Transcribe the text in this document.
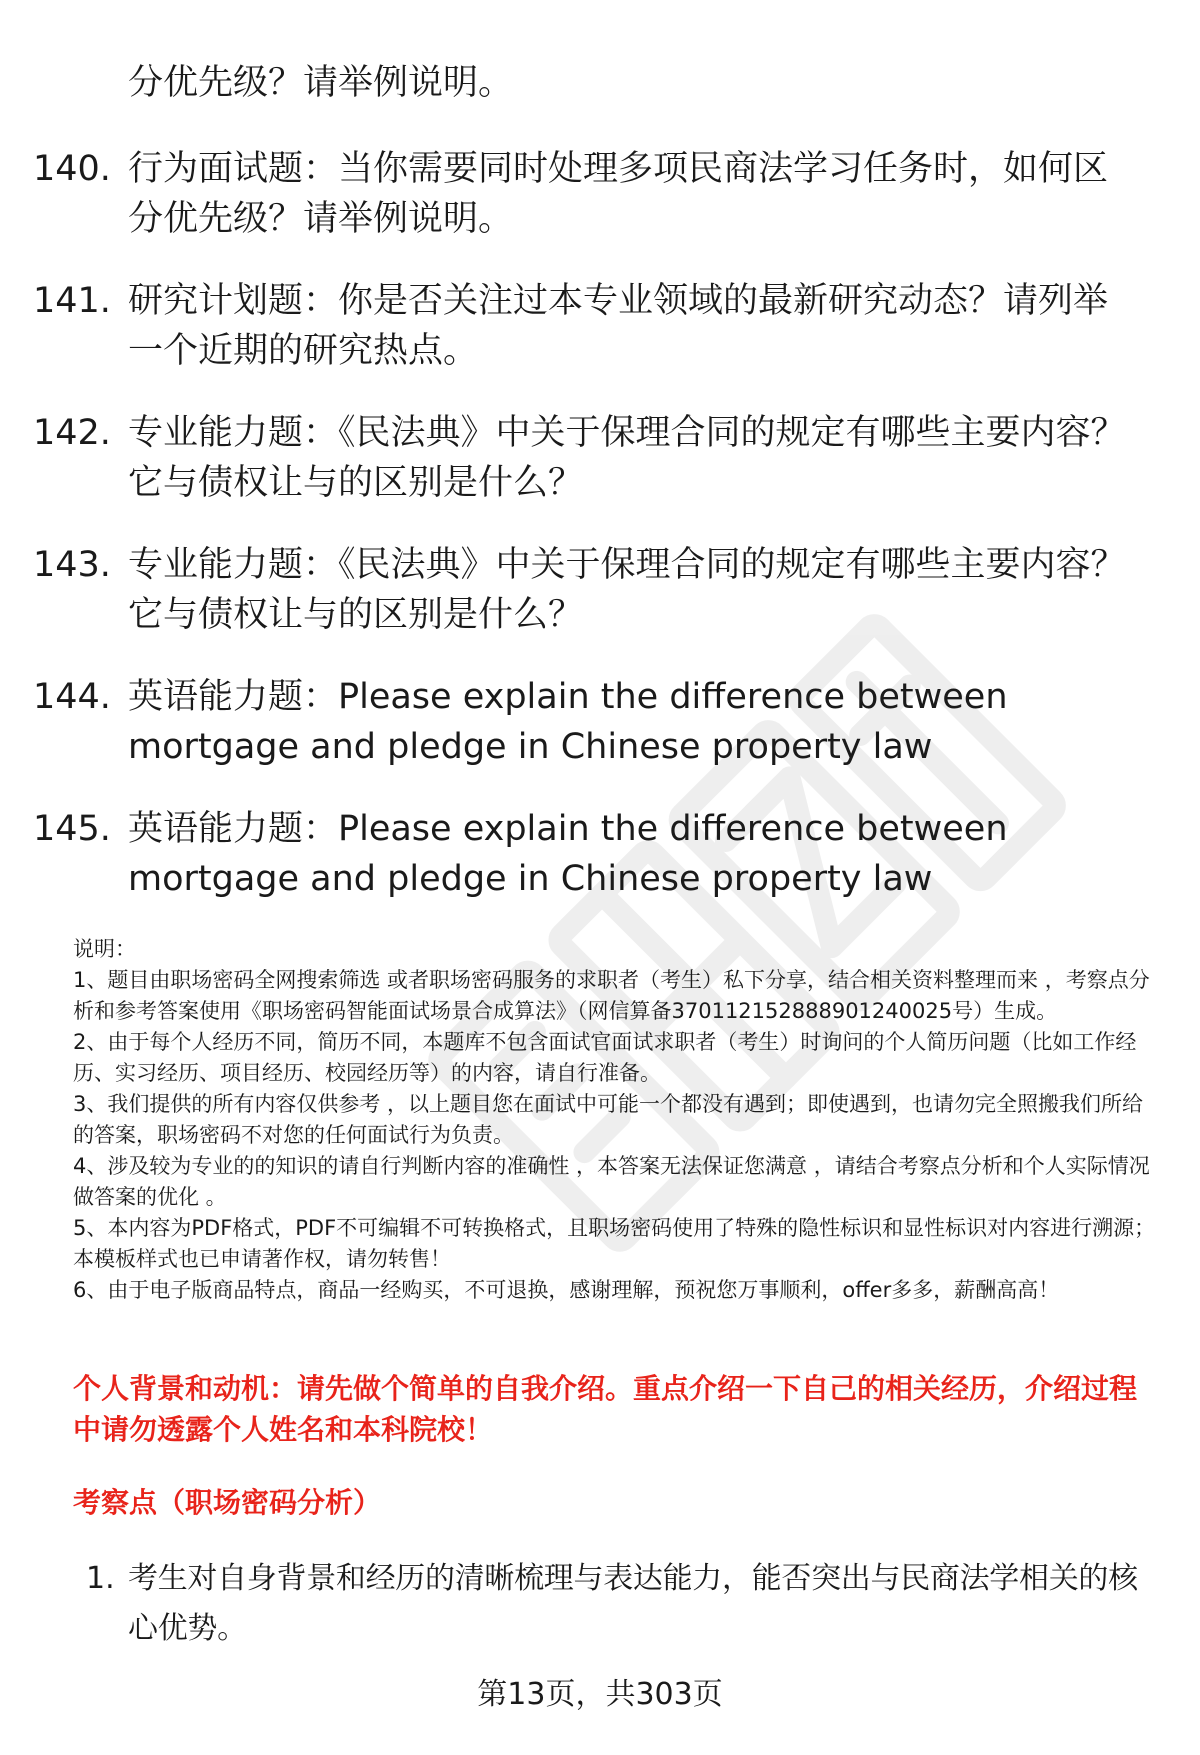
分优先级？请举例说明。
140. 行为面试题：当你需要同时处理多项民商法学习任务时，如何区分优先级？请举例说明。
141. 研究计划题：你是否关注过本专业领域的最新研究动态？请列举一个近期的研究热点。
142. 专业能力题：《民法典》中关于保理合同的规定有哪些主要内容？它与债权让与的区别是什么？
143. 专业能力题：《民法典》中关于保理合同的规定有哪些主要内容？它与债权让与的区别是什么？
144. 英语能力题：Please explain the difference between mortgage and pledge in Chinese property law
145. 英语能力题：Please explain the difference between mortgage and pledge in Chinese property law
说明：
1、题目由职场密码全网搜索筛选 或者职场密码服务的求职者（考生）私下分享，结合相关资料整理而来 ，考察点分析和参考答案使用《职场密码智能面试场景合成算法》（网信算备370112152888901240025号）生成。
2、由于每个人经历不同，简历不同，本题库不包含面试官面试求职者（考生）时询问的个人简历问题（比如工作经历、实习经历、项目经历、校园经历等）的内容，请自行准备。
3、我们提供的所有内容仅供参考 ，以上题目您在面试中可能一个都没有遇到；即使遇到，也请勿完全照搬我们所给的答案，职场密码不对您的任何面试行为负责。
4、涉及较为专业的的知识的请自行判断内容的准确性 ，本答案无法保证您满意 ，请结合考察点分析和个人实际情况做答案的优化 。
5、本内容为PDF格式，PDF不可编辑不可转换格式，且职场密码使用了特殊的隐性标识和显性标识对内容进行溯源；本模板样式也已申请著作权，请勿转售！
6、由于电子版商品特点，商品一经购买，不可退换，感谢理解，预祝您万事顺利，offer多多，薪酬高高！
个人背景和动机：请先做个简单的自我介绍。重点介绍一下自己的相关经历，介绍过程中请勿透露个人姓名和本科院校！
考察点（职场密码分析）
1. 考生对自身背景和经历的清晰梳理与表达能力，能否突出与民商法学相关的核心优势。
第13页，共303页
